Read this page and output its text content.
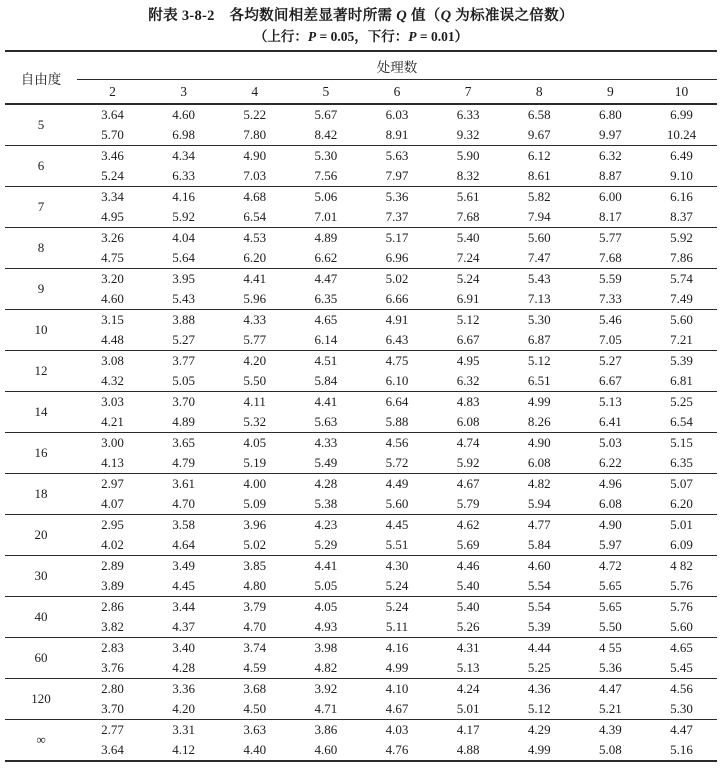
附表 3-8-2　各均数间相差显著时所需 Q 值（Q 为标准误之倍数）
（上行：P = 0.05，下行：P = 0.01）
自由度	处理数								
	2	3	4	5	6	7	8	9	10
5	3.64	4.60	5.22	5.67	6.03	6.33	6.58	6.80	6.99
	5.70	6.98	7.80	8.42	8.91	9.32	9.67	9.97	10.24
6	3.46	4.34	4.90	5.30	5.63	5.90	6.12	6.32	6.49
	5.24	6.33	7.03	7.56	7.97	8.32	8.61	8.87	9.10
7	3.34	4.16	4.68	5.06	5.36	5.61	5.82	6.00	6.16
	4.95	5.92	6.54	7.01	7.37	7.68	7.94	8.17	8.37
8	3.26	4.04	4.53	4.89	5.17	5.40	5.60	5.77	5.92
	4.75	5.64	6.20	6.62	6.96	7.24	7.47	7.68	7.86
9	3.20	3.95	4.41	4.47	5.02	5.24	5.43	5.59	5.74
	4.60	5.43	5.96	6.35	6.66	6.91	7.13	7.33	7.49
10	3.15	3.88	4.33	4.65	4.91	5.12	5.30	5.46	5.60
	4.48	5.27	5.77	6.14	6.43	6.67	6.87	7.05	7.21
12	3.08	3.77	4.20	4.51	4.75	4.95	5.12	5.27	5.39
	4.32	5.05	5.50	5.84	6.10	6.32	6.51	6.67	6.81
14	3.03	3.70	4.11	4.41	6.64	4.83	4.99	5.13	5.25
	4.21	4.89	5.32	5.63	5.88	6.08	8.26	6.41	6.54
16	3.00	3.65	4.05	4.33	4.56	4.74	4.90	5.03	5.15
	4.13	4.79	5.19	5.49	5.72	5.92	6.08	6.22	6.35
18	2.97	3.61	4.00	4.28	4.49	4.67	4.82	4.96	5.07
	4.07	4.70	5.09	5.38	5.60	5.79	5.94	6.08	6.20
20	2.95	3.58	3.96	4.23	4.45	4.62	4.77	4.90	5.01
	4.02	4.64	5.02	5.29	5.51	5.69	5.84	5.97	6.09
30	2.89	3.49	3.85	4.41	4.30	4.46	4.60	4.72	4 82
	3.89	4.45	4.80	5.05	5.24	5.40	5.54	5.65	5.76
40	2.86	3.44	3.79	4.05	5.24	5.40	5.54	5.65	5.76
	3.82	4.37	4.70	4.93	5.11	5.26	5.39	5.50	5.60
60	2.83	3.40	3.74	3.98	4.16	4.31	4.44	4 55	4.65
	3.76	4.28	4.59	4.82	4.99	5.13	5.25	5.36	5.45
120	2.80	3.36	3.68	3.92	4.10	4.24	4.36	4.47	4.56
	3.70	4.20	4.50	4.71	4.67	5.01	5.12	5.21	5.30
∞	2.77	3.31	3.63	3.86	4.03	4.17	4.29	4.39	4.47
	3.64	4.12	4.40	4.60	4.76	4.88	4.99	5.08	5.16
